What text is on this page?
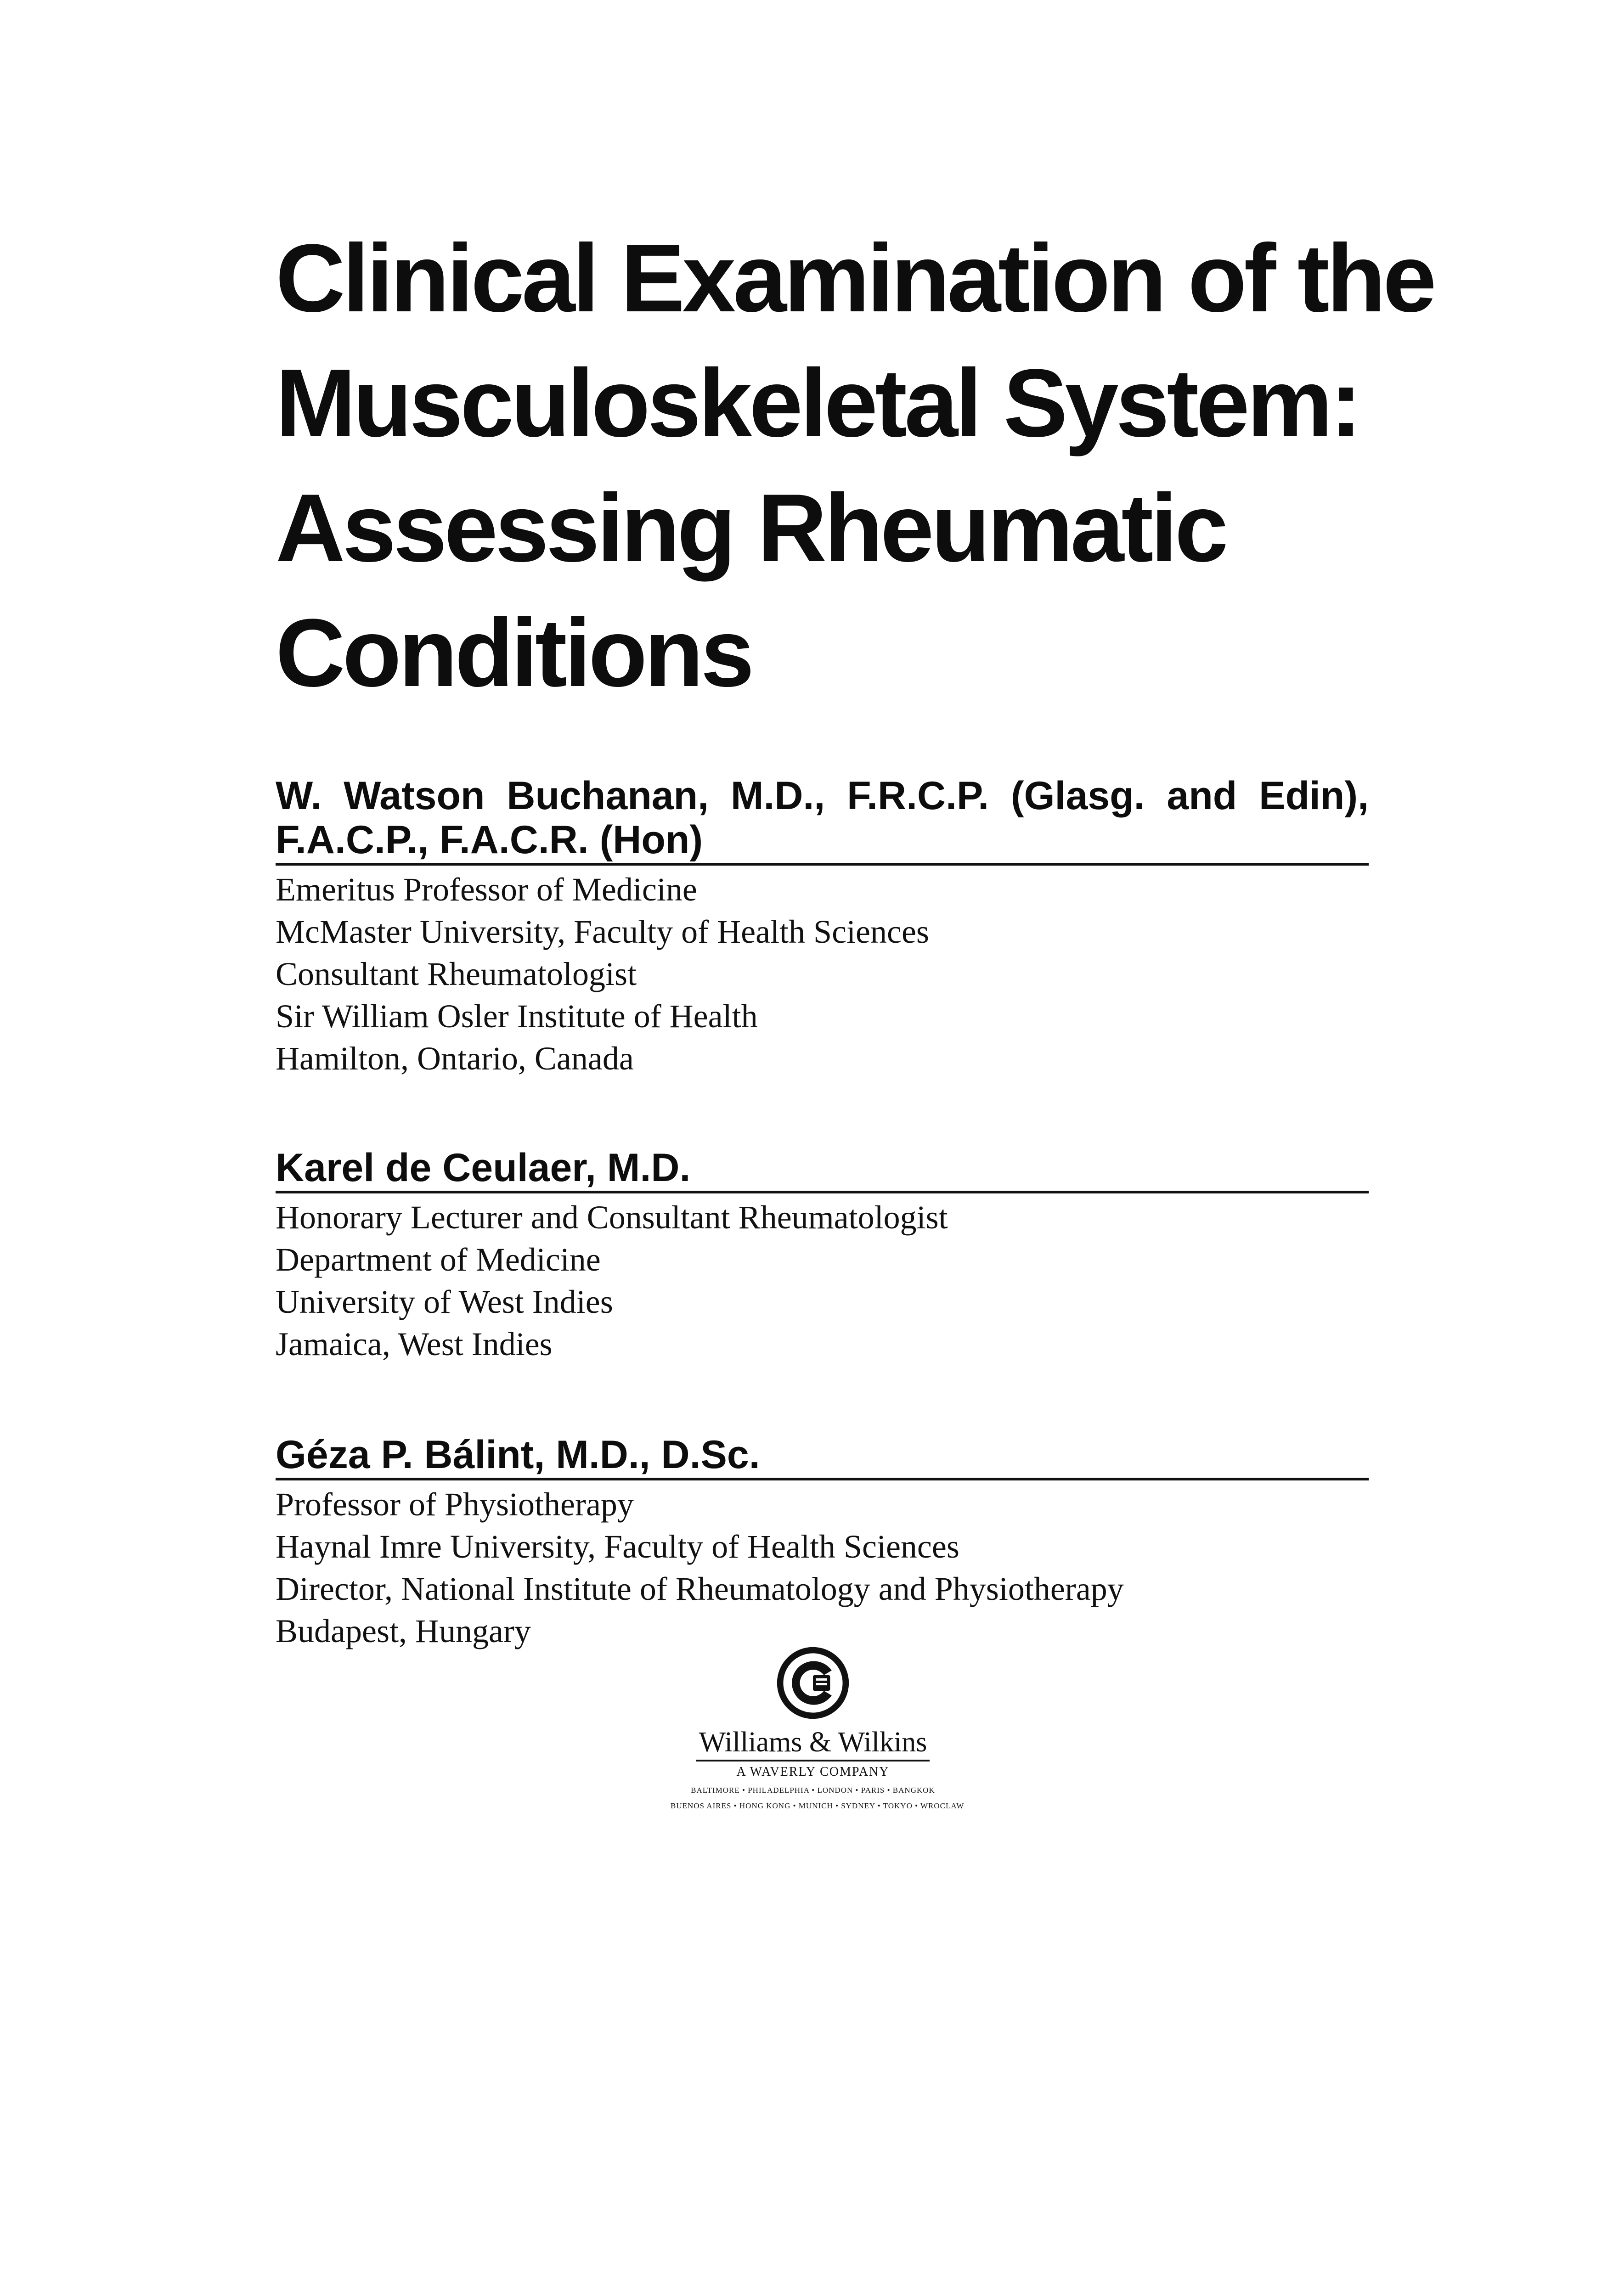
Clinical Examination of the
Musculoskeletal System:
Assessing Rheumatic
Conditions
W. Watson Buchanan, M.D., F.R.C.P. (Glasg. and Edin),
F.A.C.P., F.A.C.R. (Hon)
Emeritus Professor of Medicine
McMaster University, Faculty of Health Sciences
Consultant Rheumatologist
Sir William Osler Institute of Health
Hamilton, Ontario, Canada
Karel de Ceulaer, M.D.
Honorary Lecturer and Consultant Rheumatologist
Department of Medicine
University of West Indies
Jamaica, West Indies
Géza P. Bálint, M.D., D.Sc.
Professor of Physiotherapy
Haynal Imre University, Faculty of Health Sciences
Director, National Institute of Rheumatology and Physiotherapy
Budapest, Hungary
Williams & Wilkins
A WAVERLY COMPANY
BALTIMORE • PHILADELPHIA • LONDON • PARIS • BANGKOK
BUENOS AIRES • HONG KONG • MUNICH • SYDNEY • TOKYO • WROCLAW
